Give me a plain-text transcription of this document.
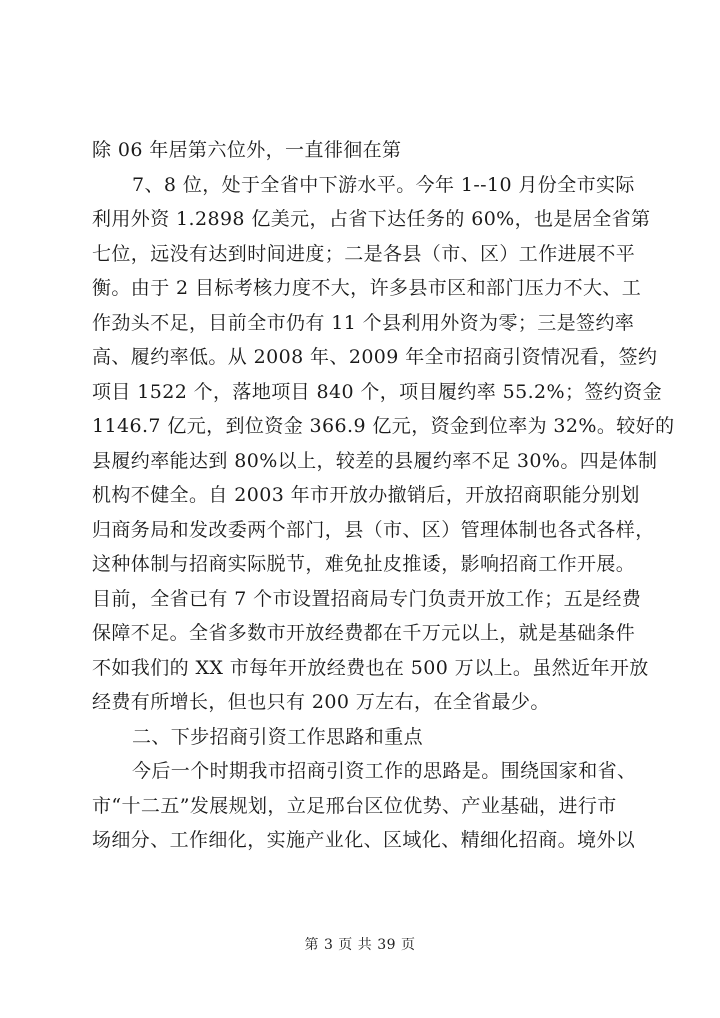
除 06 年居第六位外，一直徘徊在第
7、8 位，处于全省中下游水平。今年 1--10 月份全市实际
利用外资 1.2898 亿美元，占省下达任务的 60%，也是居全省第
七位，远没有达到时间进度；二是各县（市、区）工作进展不平
衡。由于 2 目标考核力度不大，许多县市区和部门压力不大、工
作劲头不足，目前全市仍有 11 个县利用外资为零；三是签约率
高、履约率低。从 2008 年、2009 年全市招商引资情况看，签约
项目 1522 个，落地项目 840 个，项目履约率 55.2%；签约资金
1146.7 亿元，到位资金 366.9 亿元，资金到位率为 32%。较好的
县履约率能达到 80%以上，较差的县履约率不足 30%。四是体制
机构不健全。自 2003 年市开放办撤销后，开放招商职能分别划
归商务局和发改委两个部门，县（市、区）管理体制也各式各样，
这种体制与招商实际脱节，难免扯皮推诿，影响招商工作开展。
目前，全省已有 7 个市设置招商局专门负责开放工作；五是经费
保障不足。全省多数市开放经费都在千万元以上，就是基础条件
不如我们的 XX 市每年开放经费也在 500 万以上。虽然近年开放
经费有所增长，但也只有 200 万左右，在全省最少。
二、下步招商引资工作思路和重点
今后一个时期我市招商引资工作的思路是。围绕国家和省、
市“十二五”发展规划，立足邢台区位优势、产业基础，进行市
场细分、工作细化，实施产业化、区域化、精细化招商。境外以
第 3 页 共 39 页
